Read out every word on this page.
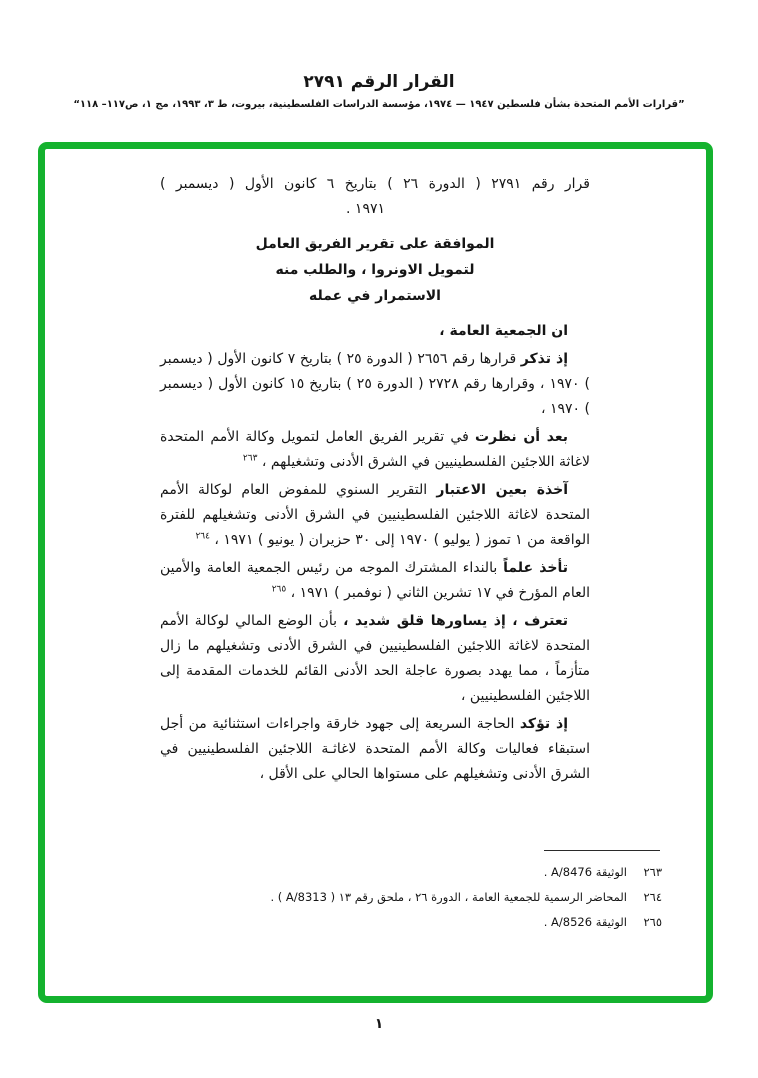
القرار الرقم ٢٧٩١
”قرارات الأمم المتحدة بشأن فلسطين ١٩٤٧ — ١٩٧٤، مؤسسة الدراسات الفلسطينية، بيروت، ط ٣، ١٩٩٣، مج ١، ص١١٧– ١١٨“

قرار رقم ٢٧٩١ ( الدورة ٢٦ ) بتاريخ ٦ كانون الأول ( ديسمبر )
١٩٧١ .

الموافقة على تقرير الفريق العامل
لتمويل الاونروا ، والطلب منه
الاستمرار في عمله

ان الجمعية العامة ،

إذ تذكر قرارها رقم ٢٦٥٦ ( الدورة ٢٥ ) بتاريخ ٧ كانون الأول ( ديسمبر ) ١٩٧٠ ، وقرارها رقم ٢٧٢٨ ( الدورة ٢٥ ) بتاريخ ١٥ كانون الأول ( ديسمبر ) ١٩٧٠ ،

بعد أن نظرت في تقرير الفريق العامل لتمويل وكالة الأمم المتحدة لاغاثة اللاجئين الفلسطينيين في الشرق الأدنى وتشغيلهم ، $^{٢٦٣}$

آخذة بعين الاعتبار التقرير السنوي للمفوض العام لوكالة الأمم المتحدة لاغاثة اللاجئين الفلسطينيين في الشرق الأدنى وتشغيلهم للفترة الواقعة من ١ تموز ( يوليو ) ١٩٧٠ إلى ٣٠ حزيران ( يونيو ) ١٩٧١ ، $^{٢٦٤}$

تأخذ علماً بالنداء المشترك الموجه من رئيس الجمعية العامة والأمين العام المؤرخ في ١٧ تشرين الثاني ( نوفمبر ) ١٩٧١ ، $^{٢٦٥}$

تعترف ، إذ يساورها قلق شديد ، بأن الوضع المالي لوكالة الأمم المتحدة لاغاثة اللاجئين الفلسطينيين في الشرق الأدنى وتشغيلهم ما زال متأزماً ، مما يهدد بصورة عاجلة الحد الأدنى القائم للخدمات المقدمة إلى اللاجئين الفلسطينيين ،

إذ تؤكد الحاجة السريعة إلى جهود خارقة واجراءات استثنائية من أجل استبقاء فعاليات وكالة الأمم المتحدة لاغاثـة اللاجئين الفلسطينيين في الشرق الأدنى وتشغيلهم على مستواها الحالي على الأقل ،

٢٦٣
الوثيقة A/8476 .
٢٦٤
المحاضر الرسمية للجمعية العامة ، الدورة ٢٦ ، ملحق رقم ١٣ ( A/8313 ) .
٢٦٥
الوثيقة A/8526 .
١
